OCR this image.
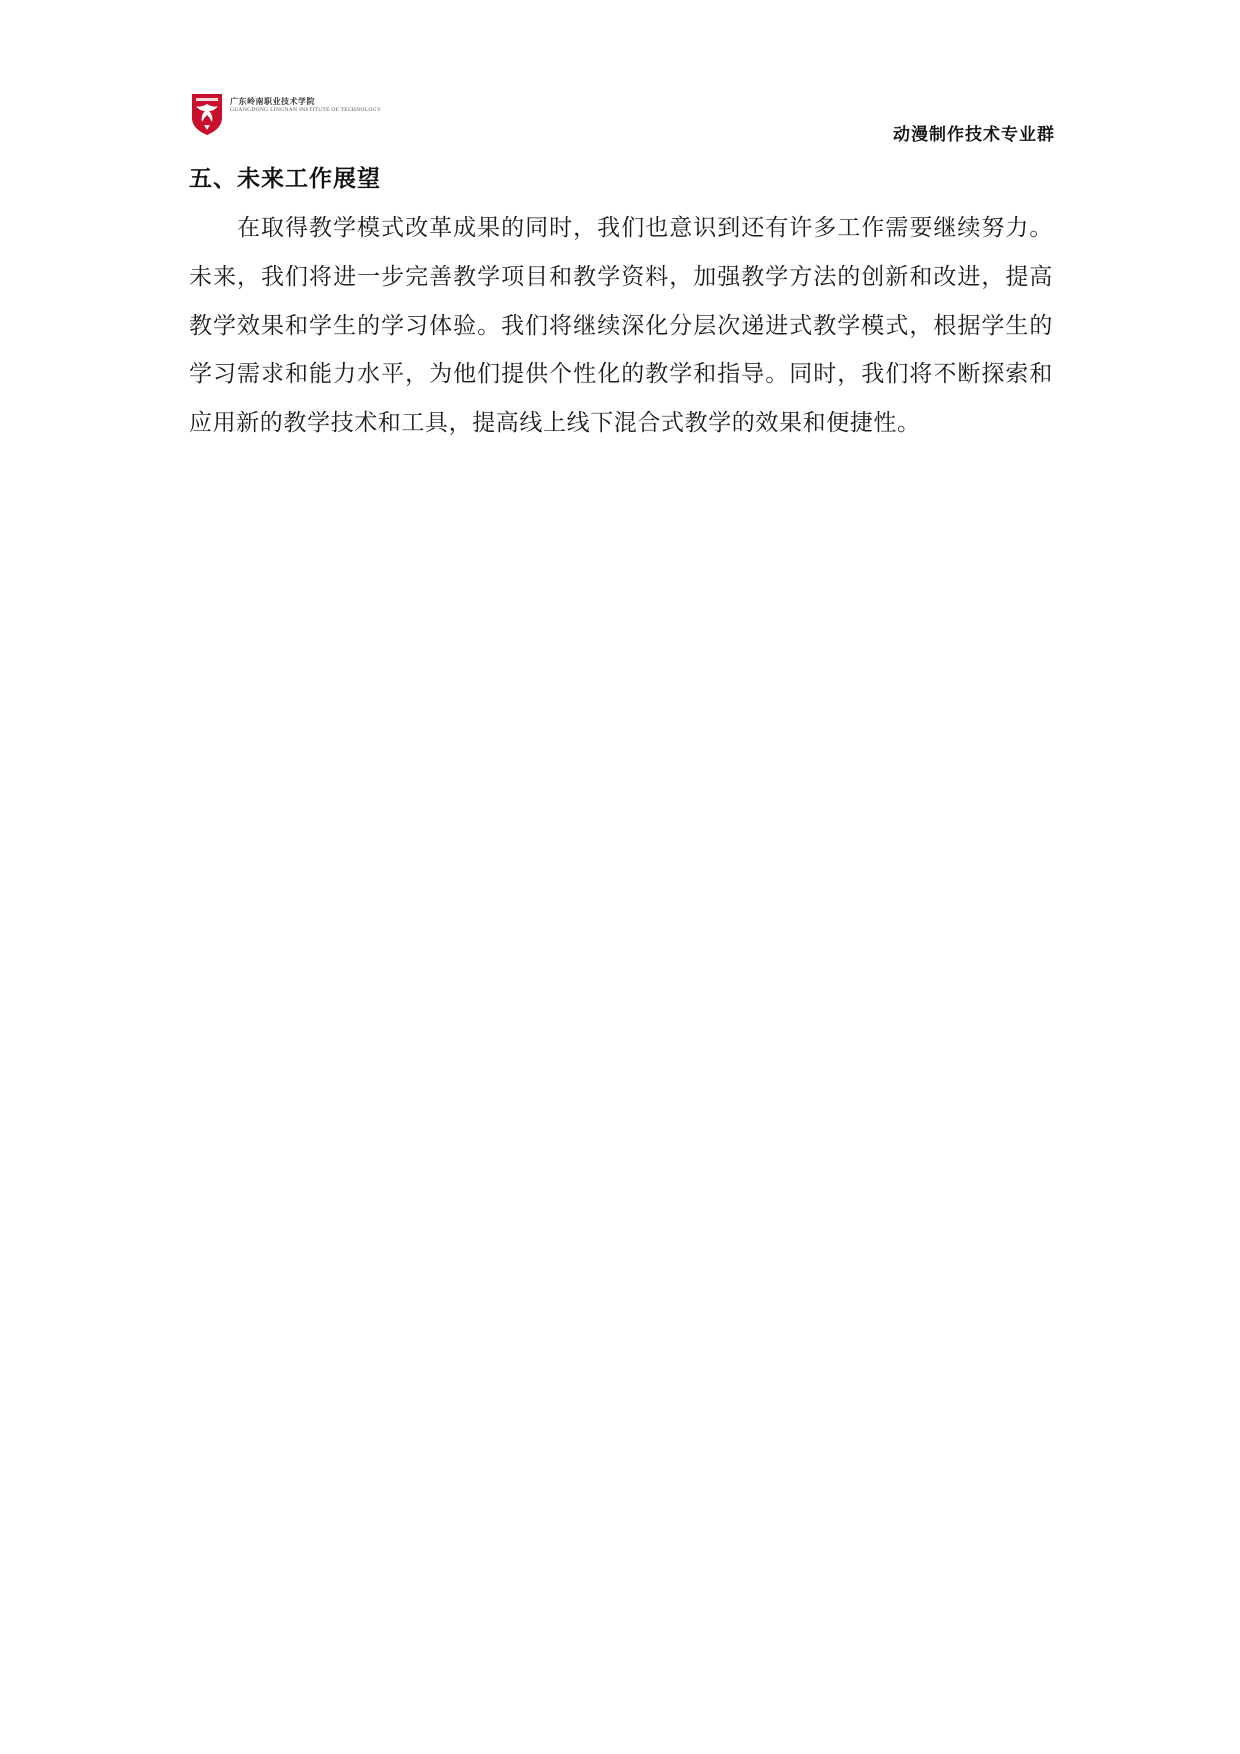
广东岭南职业技术学院
GUANGDONG LINGNAN INSTITUTE OF TECHNOLOGY
动漫制作技术专业群
五、未来工作展望

在取得教学模式改革成果的同时，我们也意识到还有许多工作需要继续努力。未来，我们将进一步完善教学项目和教学资料，加强教学方法的创新和改进，提高教学效果和学生的学习体验。我们将继续深化分层次递进式教学模式，根据学生的学习需求和能力水平，为他们提供个性化的教学和指导。同时，我们将不断探索和应用新的教学技术和工具，提高线上线下混合式教学的效果和便捷性。
